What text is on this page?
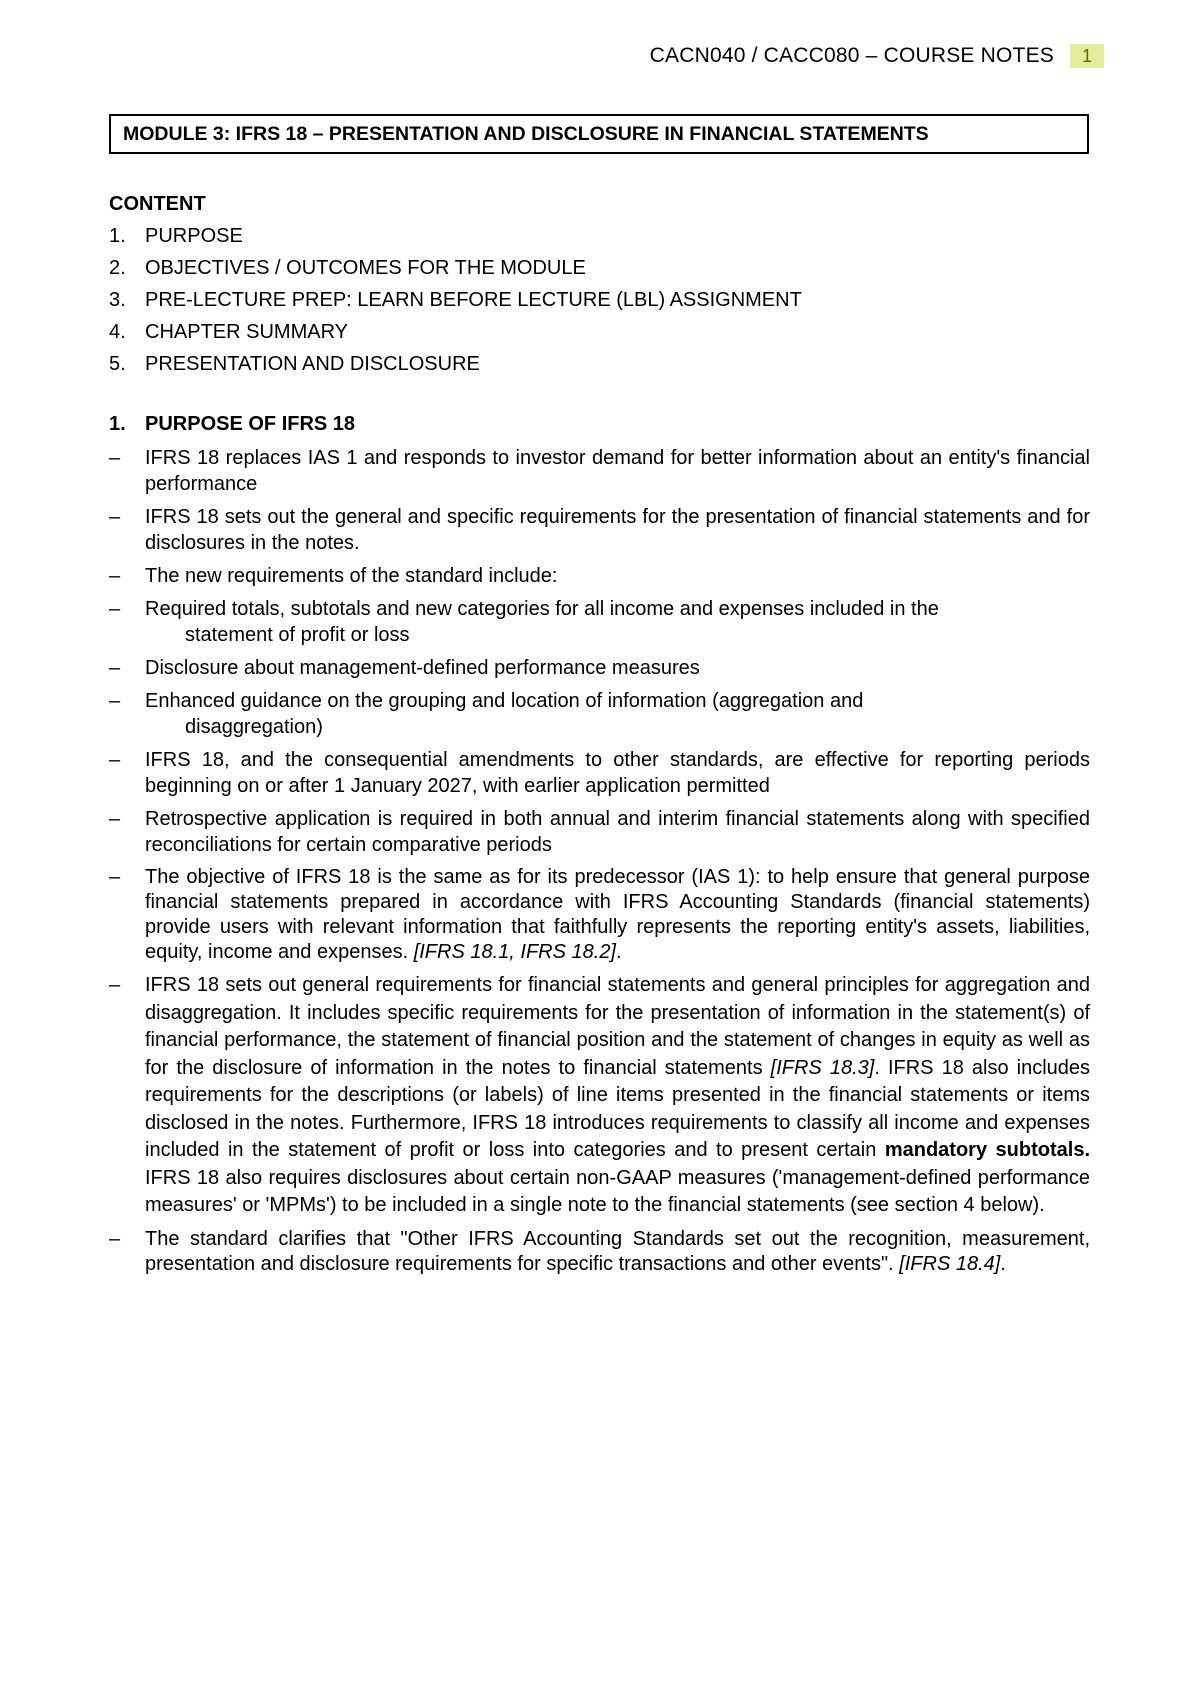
CACN040 / CACC080 – COURSE NOTES	1
MODULE 3: IFRS 18 – PRESENTATION AND DISCLOSURE IN FINANCIAL STATEMENTS
CONTENT
1. PURPOSE
2. OBJECTIVES / OUTCOMES FOR THE MODULE
3. PRE-LECTURE PREP: LEARN BEFORE LECTURE (LBL) ASSIGNMENT
4. CHAPTER SUMMARY
5. PRESENTATION AND DISCLOSURE
1. PURPOSE OF IFRS 18
– IFRS 18 replaces IAS 1 and responds to investor demand for better information about an entity's financial performance
– IFRS 18 sets out the general and specific requirements for the presentation of financial statements and for disclosures in the notes.
– The new requirements of the standard include:
– Required totals, subtotals and new categories for all income and expenses included in the
statement of profit or loss
– Disclosure about management-defined performance measures
– Enhanced guidance on the grouping and location of information (aggregation and
disaggregation)
– IFRS 18, and the consequential amendments to other standards, are effective for reporting periods beginning on or after 1 January 2027, with earlier application permitted
– Retrospective application is required in both annual and interim financial statements along with specified reconciliations for certain comparative periods
– The objective of IFRS 18 is the same as for its predecessor (IAS 1): to help ensure that general purpose financial statements prepared in accordance with IFRS Accounting Standards (financial statements) provide users with relevant information that faithfully represents the reporting entity's assets, liabilities, equity, income and expenses. [IFRS 18.1, IFRS 18.2].
– IFRS 18 sets out general requirements for financial statements and general principles for aggregation and disaggregation. It includes specific requirements for the presentation of information in the statement(s) of financial performance, the statement of financial position and the statement of changes in equity as well as for the disclosure of information in the notes to financial statements [IFRS 18.3]. IFRS 18 also includes requirements for the descriptions (or labels) of line items presented in the financial statements or items disclosed in the notes. Furthermore, IFRS 18 introduces requirements to classify all income and expenses included in the statement of profit or loss into categories and to present certain mandatory subtotals. IFRS 18 also requires disclosures about certain non-GAAP measures ('management-defined performance measures' or 'MPMs') to be included in a single note to the financial statements (see section 4 below).
– The standard clarifies that "Other IFRS Accounting Standards set out the recognition, measurement, presentation and disclosure requirements for specific transactions and other events". [IFRS 18.4].
